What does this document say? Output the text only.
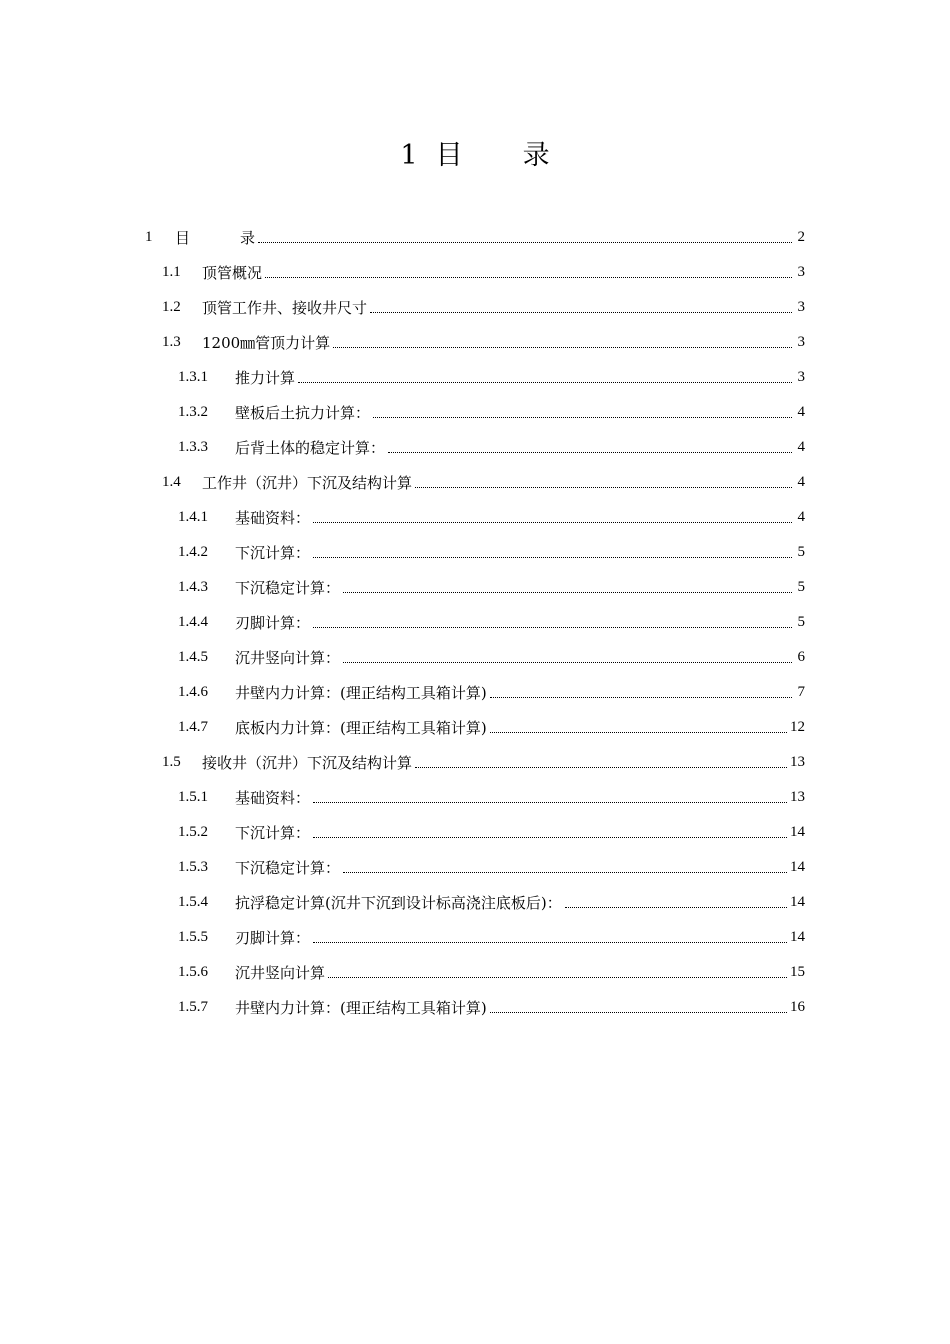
1 目 录
1	目	录	2
1.1	顶管概况	3
1.2	顶管工作井、接收井尺寸	3
1.3	1200㎜管顶力计算	3
1.3.1	推力计算	3
1.3.2	壁板后土抗力计算：	4
1.3.3	后背土体的稳定计算：	4
1.4	工作井（沉井）下沉及结构计算	4
1.4.1	基础资料：	4
1.4.2	下沉计算：	5
1.4.3	下沉稳定计算：	5
1.4.4	刃脚计算：	5
1.4.5	沉井竖向计算：	6
1.4.6	井壁内力计算：(理正结构工具箱计算)	7
1.4.7	底板内力计算：(理正结构工具箱计算)	12
1.5	接收井（沉井）下沉及结构计算	13
1.5.1	基础资料：	13
1.5.2	下沉计算：	14
1.5.3	下沉稳定计算：	14
1.5.4	抗浮稳定计算(沉井下沉到设计标高浇注底板后)：	14
1.5.5	刃脚计算：	14
1.5.6	沉井竖向计算	15
1.5.7	井壁内力计算：(理正结构工具箱计算)	16
